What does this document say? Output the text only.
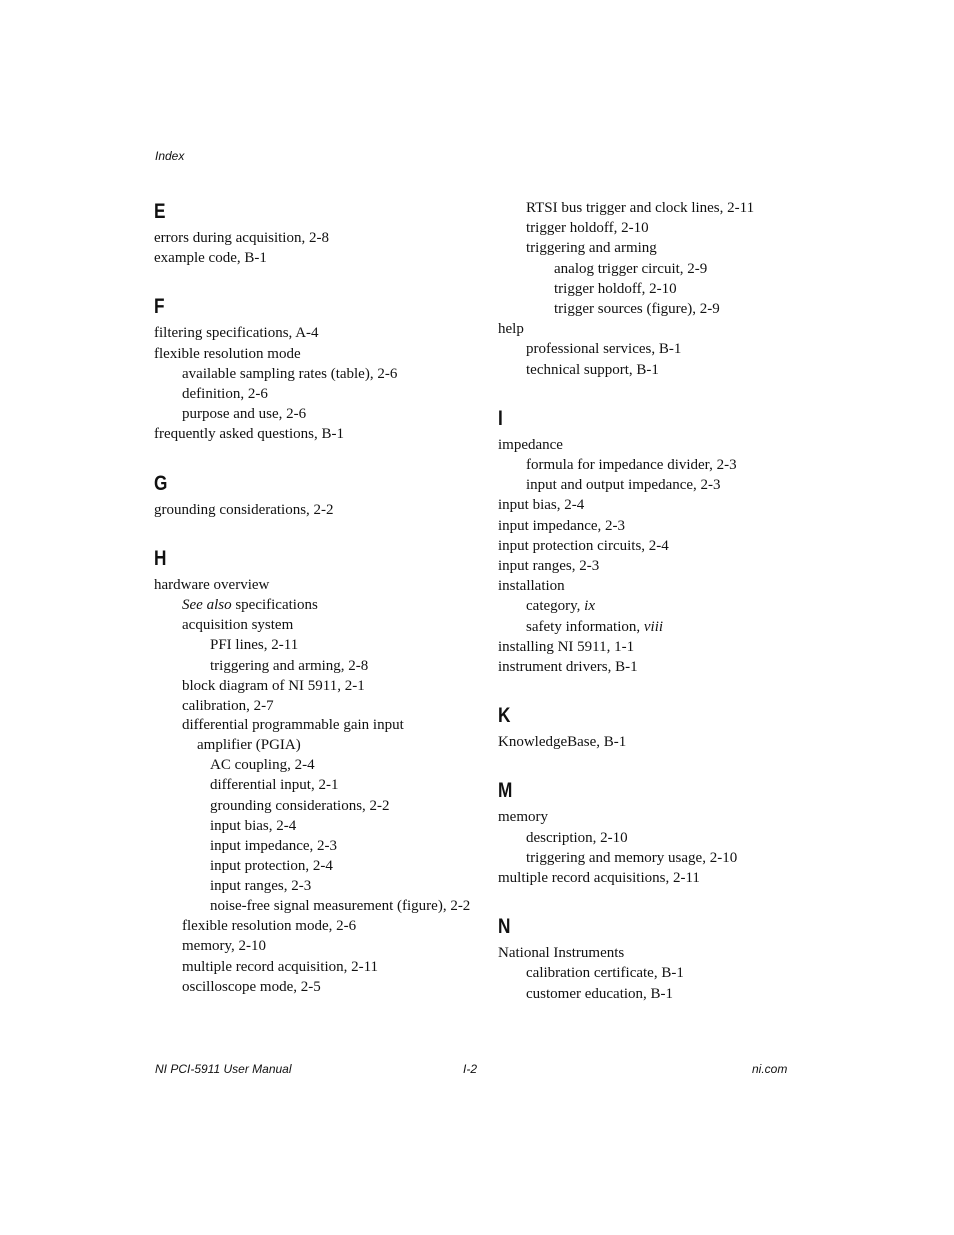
Index
E
errors during acquisition, 2-8
example code, B-1
F
filtering specifications, A-4
flexible resolution mode
available sampling rates (table), 2-6
definition, 2-6
purpose and use, 2-6
frequently asked questions, B-1
G
grounding considerations, 2-2
H
hardware overview
See also specifications
acquisition system
PFI lines, 2-11
triggering and arming, 2-8
block diagram of NI 5911, 2-1
calibration, 2-7
differential programmable gain input amplifier (PGIA)
AC coupling, 2-4
differential input, 2-1
grounding considerations, 2-2
input bias, 2-4
input impedance, 2-3
input protection, 2-4
input ranges, 2-3
noise-free signal measurement (figure), 2-2
flexible resolution mode, 2-6
memory, 2-10
multiple record acquisition, 2-11
oscilloscope mode, 2-5
RTSI bus trigger and clock lines, 2-11
trigger holdoff, 2-10
triggering and arming
analog trigger circuit, 2-9
trigger holdoff, 2-10
trigger sources (figure), 2-9
help
professional services, B-1
technical support, B-1
I
impedance
formula for impedance divider, 2-3
input and output impedance, 2-3
input bias, 2-4
input impedance, 2-3
input protection circuits, 2-4
input ranges, 2-3
installation
category, ix
safety information, viii
installing NI 5911, 1-1
instrument drivers, B-1
K
KnowledgeBase, B-1
M
memory
description, 2-10
triggering and memory usage, 2-10
multiple record acquisitions, 2-11
N
National Instruments
calibration certificate, B-1
customer education, B-1
NI PCI-5911 User Manual	I-2	ni.com
